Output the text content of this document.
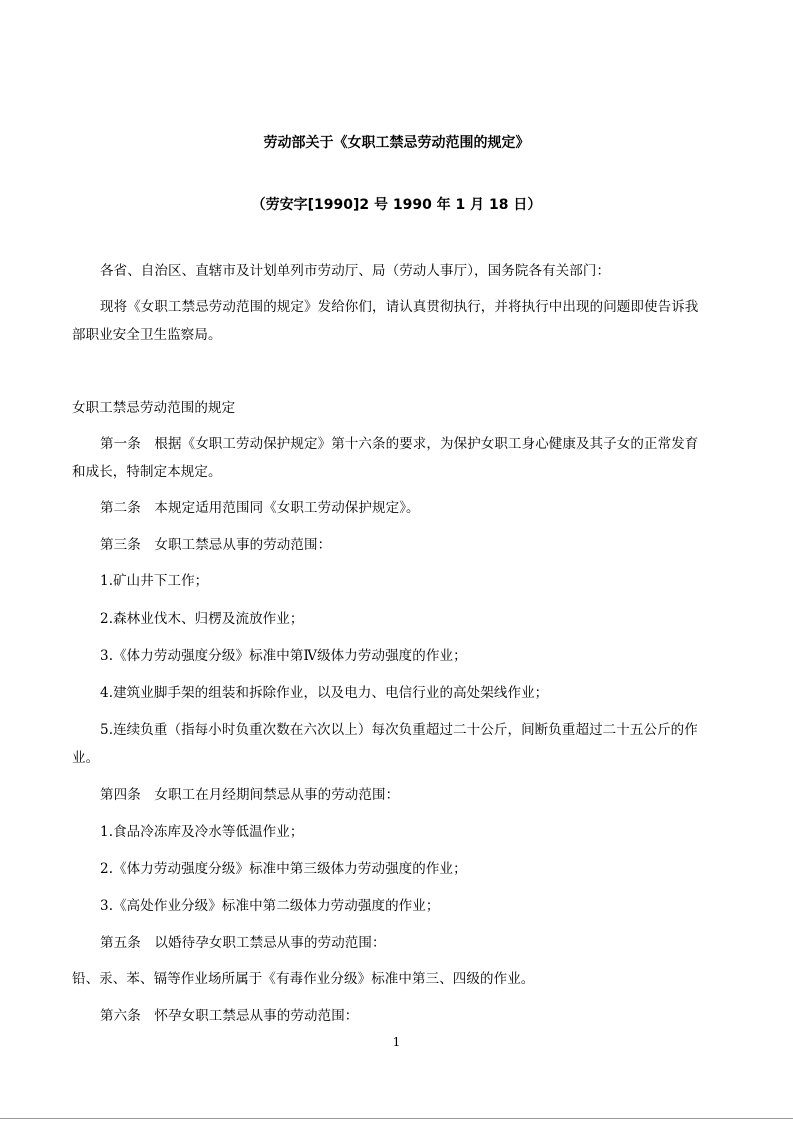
劳动部关于《女职工禁忌劳动范围的规定》
（劳安字[1990]2 号 1990 年 1 月 18 日）
各省、自治区、直辖市及计划单列市劳动厅、局（劳动人事厅），国务院各有关部门：
现将《女职工禁忌劳动范围的规定》发给你们，请认真贯彻执行，并将执行中出现的问题即使告诉我
部职业安全卫生监察局。
女职工禁忌劳动范围的规定
第一条　根据《女职工劳动保护规定》第十六条的要求，为保护女职工身心健康及其子女的正常发育
和成长，特制定本规定。
第二条　本规定适用范围同《女职工劳动保护规定》。
第三条　女职工禁忌从事的劳动范围：
1.矿山井下工作；
2.森林业伐木、归楞及流放作业；
3.《体力劳动强度分级》标准中第Ⅳ级体力劳动强度的作业；
4.建筑业脚手架的组装和拆除作业，以及电力、电信行业的高处架线作业；
5.连续负重（指每小时负重次数在六次以上）每次负重超过二十公斤，间断负重超过二十五公斤的作
业。
第四条　女职工在月经期间禁忌从事的劳动范围：
1.食品冷冻库及冷水等低温作业；
2.《体力劳动强度分级》标准中第三级体力劳动强度的作业；
3.《高处作业分级》标准中第二级体力劳动强度的作业；
第五条　以婚待孕女职工禁忌从事的劳动范围：
铅、汞、苯、镉等作业场所属于《有毒作业分级》标准中第三、四级的作业。
第六条　怀孕女职工禁忌从事的劳动范围：
1
